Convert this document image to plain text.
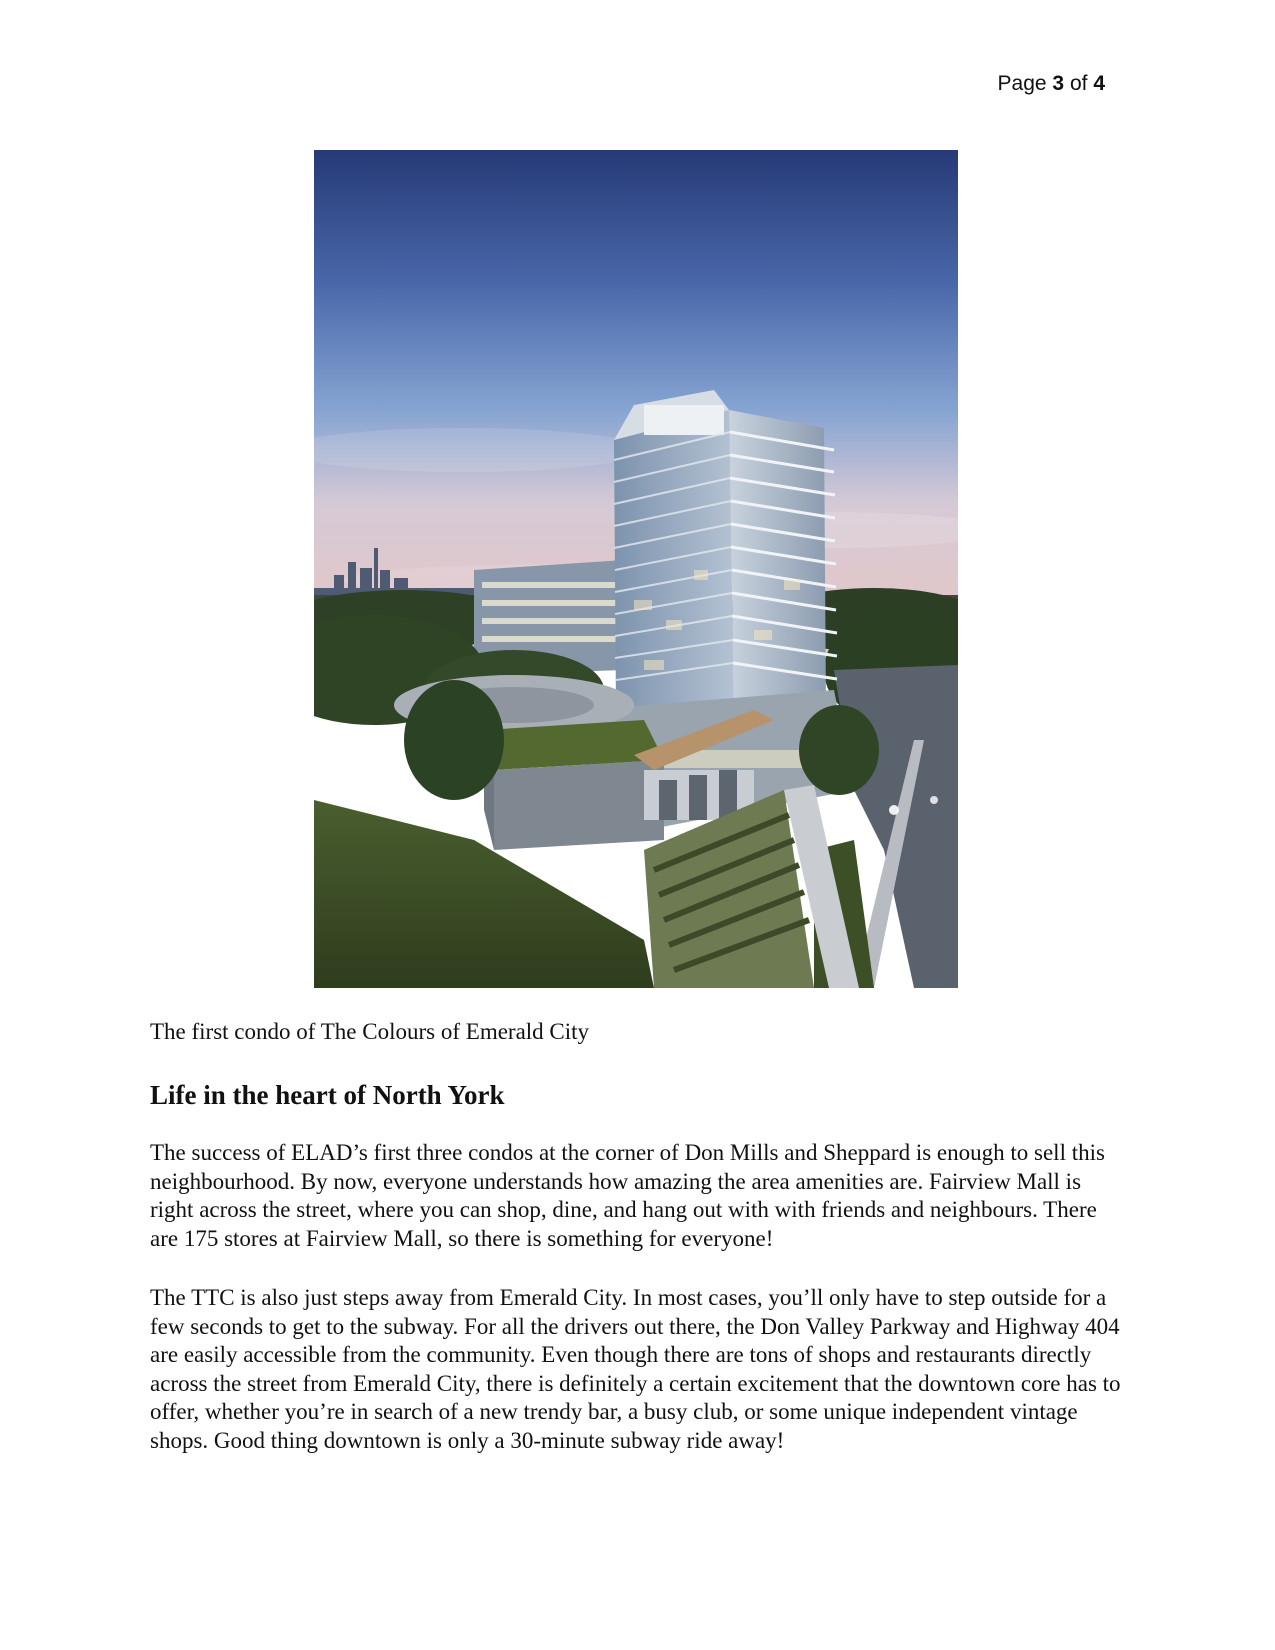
Page 3 of 4
The first condo of The Colours of Emerald City
Life in the heart of North York

The success of ELAD’s first three condos at the corner of Don Mills and Sheppard is enough to sell this neighbourhood. By now, everyone understands how amazing the area amenities are. Fairview Mall is right across the street, where you can shop, dine, and hang out with with friends and neighbours. There are 175 stores at Fairview Mall, so there is something for everyone!

The TTC is also just steps away from Emerald City. In most cases, you’ll only have to step outside for a few seconds to get to the subway. For all the drivers out there, the Don Valley Parkway and Highway 404 are easily accessible from the community. Even though there are tons of shops and restaurants directly across the street from Emerald City, there is definitely a certain excitement that the downtown core has to offer, whether you’re in search of a new trendy bar, a busy club, or some unique independent vintage shops. Good thing downtown is only a 30-minute subway ride away!
